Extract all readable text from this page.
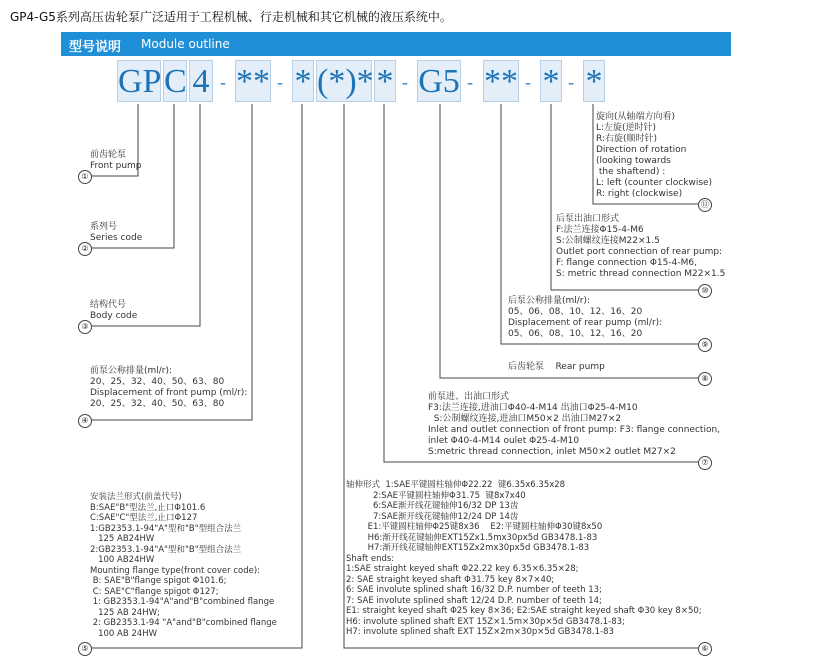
GP4-G5系列高压齿轮泵广泛适用于工程机械、行走机械和其它机械的液压系统中。
型号说明 Module outline
GP C 4 - ** - * (*)* * - G5 - ** - * - *
①
②
③
④
⑤	⑥
⑦
⑧
⑨
⑩
⑪
前齿轮泵
Front pump
系列号
Series code
结构代号
Body code
前泵公称排量(ml/r):
20、25、32、40、50、63、80
Displacement of front pump (ml/r):
20、25、32、40、50、63、80
安装法兰形式(前盖代号)
B:SAE"B"型法兰,止口Φ101.6
C:SAE"C"型法兰,止口Φ127
1:GB2353.1-94"A"型和"B"型组合法兰
125 AB24HW
2:GB2353.1-94"A"型和"B"型组合法兰
100 AB24HW
Mounting flange type(front cover code):
B: SAE"B"flange spigot Φ101.6;
C: SAE"C"flange spigot Φ127;
1: GB2353.1-94"A"and"B"combined flange
125 AB 24HW;
2: GB2353.1-94 "A"and"B"combined flange
100 AB 24HW
轴伸形式  1:SAE平键圆柱轴伸Φ22.22  键6.35x6.35x28
2:SAE平键圆柱轴伸Φ31.75  键8x7x40
6:SAE渐开线花键轴伸16/32 DP 13齿
7:SAE渐开线花键轴伸12/24 DP 14齿
E1:平键圆柱轴伸Φ25键8x36    E2:平键圆柱轴伸Φ30键8x50
H6:渐开线花键轴伸EXT15Zx1.5mx30px5d GB3478.1-83
H7:渐开线花键轴伸EXT15Zx2mx30px5d GB3478.1-83
Shaft ends:
1:SAE straight keyed shaft Φ22.22 key 6.35×6.35×28;
2: SAE straight keyed shaft Φ31.75 key 8×7×40;
6: SAE involute splined shaft 16/32 D.P. number of teeth 13;
7: SAE involute splined shaft 12/24 D.P. number of teeth 14;
E1: straight keyed shaft Φ25 key 8×36; E2:SAE straight keyed shaft Φ30 key 8×50;
H6: involute splined shaft EXT 15Z×1.5m×30p×5d GB3478.1-83;
H7: involute splined shaft EXT 15Z×2m×30p×5d GB3478.1-83
前泵进、出油口形式
F3:法兰连接,进油口Φ40-4-M14 出油口Φ25-4-M10
S:公制螺纹连接,进油口M50×2 出油口M27×2
Inlet and outlet connection of front pump: F3: flange connection,
inlet Φ40-4-M14 oulet Φ25-4-M10
S:metric thread connection, inlet M50×2 outlet M27×2
后齿轮泵    Rear pump
后泵公称排量(ml/r):
05、06、08、10、12、16、20
Displacement of rear pump (ml/r):
05、06、08、10、12、16、20
后泵出油口形式
F:法兰连接Φ15-4-M6
S:公制螺纹连接M22×1.5
Outlet port connection of rear pump:
F: flange connection Φ15-4-M6,
S: metric thread connection M22×1.5
旋向(从轴端方向看)
L:左旋(逆时针)
R:右旋(顺时针)
Direction of rotation
(looking towards
the shaftend) :
L: left (counter clockwise)
R: right (clockwise)
